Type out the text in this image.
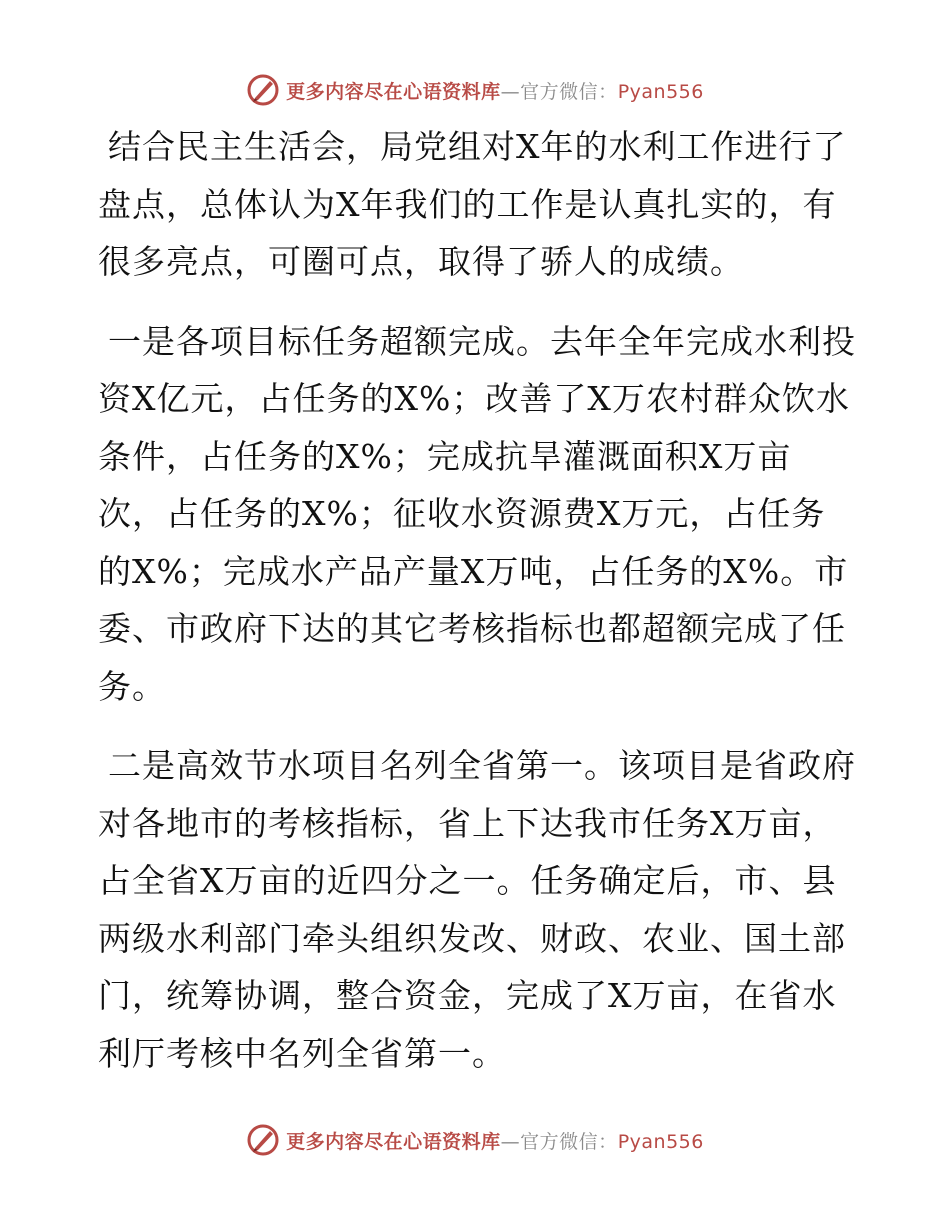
更多内容尽在心语资料库—官方微信：Pyan556

结合民主生活会，局党组对X年的水利工作进行了盘点，总体认为X年我们的工作是认真扎实的，有很多亮点，可圈可点，取得了骄人的成绩。

一是各项目标任务超额完成。去年全年完成水利投资X亿元，占任务的X%；改善了X万农村群众饮水条件，占任务的X%；完成抗旱灌溉面积X万亩次，占任务的X%；征收水资源费X万元，占任务的X%；完成水产品产量X万吨，占任务的X%。市委、市政府下达的其它考核指标也都超额完成了任务。

二是高效节水项目名列全省第一。该项目是省政府对各地市的考核指标，省上下达我市任务X万亩，占全省X万亩的近四分之一。任务确定后，市、县两级水利部门牵头组织发改、财政、农业、国土部门，统筹协调，整合资金，完成了X万亩，在省水利厅考核中名列全省第一。

更多内容尽在心语资料库—官方微信：Pyan556
